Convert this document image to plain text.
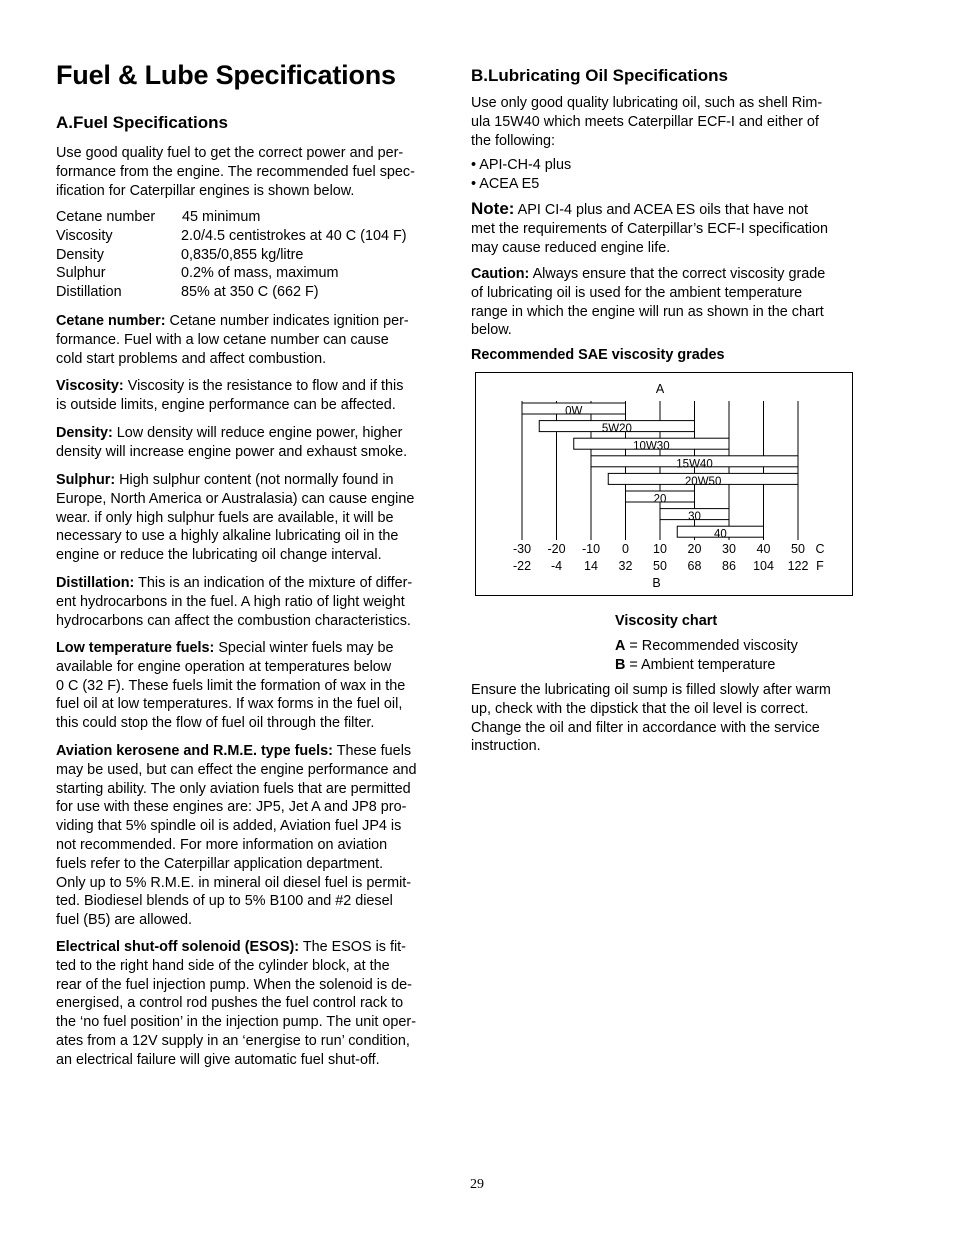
Fuel & Lube Specifications
A.Fuel Specifications

Use good quality fuel to get the correct power and per-

formance from the engine. The recommended fuel spec-

ification for Caterpillar engines is shown below.

Cetane number	45 minimum
Viscosity	2.0/4.5 centistrokes at 40 C (104 F)
Density	0,835/0,855 kg/litre
Sulphur	0.2% of mass, maximum
Distillation	85% at 350 C (662 F)

Cetane number: Cetane number indicates ignition per-

formance. Fuel with a low cetane number can cause

cold start problems and affect combustion.

Viscosity: Viscosity is the resistance to flow and if this

is outside limits, engine performance can be affected.

Density: Low density will reduce engine power, higher

density will increase engine power and exhaust smoke.

Sulphur: High sulphur content (not normally found in

Europe, North America or Australasia) can cause engine

wear. if only high sulphur fuels are available, it will be

necessary to use a highly alkaline lubricating oil in the

engine or reduce the lubricating oil change interval.

Distillation: This is an indication of the mixture of differ-

ent hydrocarbons in the fuel. A high ratio of light weight

hydrocarbons can affect the combustion characteristics.

Low temperature fuels: Special winter fuels may be

available for engine operation at temperatures below

0 C (32 F). These fuels limit the formation of wax in the

fuel oil at low temperatures. If wax forms in the fuel oil,

this could stop the flow of fuel oil through the filter.

Aviation kerosene and R.M.E. type fuels: These fuels

may be used, but can effect the engine performance and

starting ability. The only aviation fuels that are permitted

for use with these engines are: JP5, Jet A and JP8 pro-

viding that 5% spindle oil is added, Aviation fuel JP4 is

not recommended. For more information on aviation

fuels refer to the Caterpillar application department.

Only up to 5% R.M.E. in mineral oil diesel fuel is permit-

ted. Biodiesel blends of up to 5% B100 and #2 diesel

fuel (B5) are allowed.

Electrical shut-off solenoid (ESOS): The ESOS is fit-

ted to the right hand side of the cylinder block, at the

rear of the fuel injection pump. When the solenoid is de-

energised, a control rod pushes the fuel control rack to

the ‘no fuel position’ in the injection pump. The unit oper-

ates from a 12V supply in an ‘energise to run’ condition,

an electrical failure will give automatic fuel shut-off.

B.Lubricating Oil Specifications

Use only good quality lubricating oil, such as shell Rim-

ula 15W40 which meets Caterpillar ECF-I and either of

the following:

• API-CH-4 plus

• ACEA E5

Note: API CI-4 plus and ACEA ES oils that have not

met the requirements of Caterpillar’s ECF-I specification

may cause reduced engine life.

Caution: Always ensure that the correct viscosity grade

of lubricating oil is used for the ambient temperature

range in which the engine will run as shown in the chart

below.

Recommended SAE viscosity grades

Viscosity chart

A = Recommended viscosity

B = Ambient temperature

Ensure the lubricating oil sump is filled slowly after warm

up, check with the dipstick that the oil level is correct.

Change the oil and filter in accordance with the service

instruction.

A
0W
5W20
10W30
15W40
20W50
20
30
40
-30
-22
-20
-4
-10
14
0
32
10
50
20
68
30
86
40
104
50
122
C
F
B
29
